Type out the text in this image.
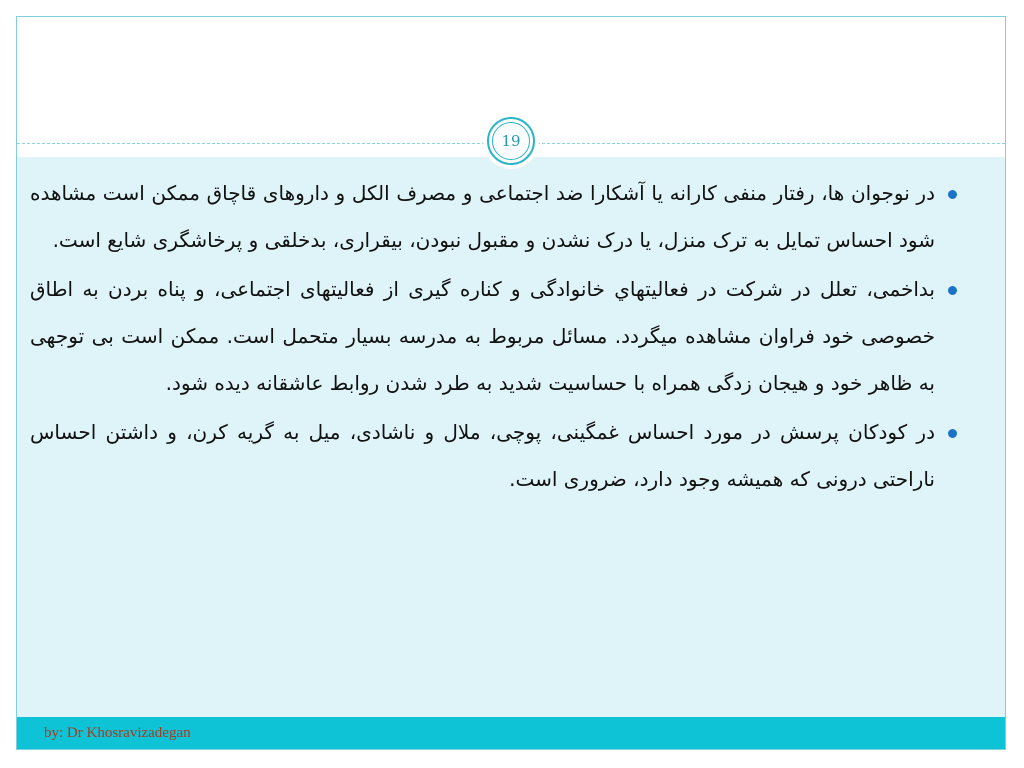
19
by: Dr Khosravizadegan
در نوجوان ها، رفتار منفی کارانه یا آشکارا ضد اجتماعی و مصرف الکل و داروهای قاچاق ممکن است مشاهده شود احساس تمایل به ترک منزل، یا درک نشدن و مقبول نبودن، بیقراری، بدخلقی و پرخاشگری شایع است.
بداخمی، تعلل در شرکت در فعالیتهاي خانوادگی و کناره گیری از فعالیتهای اجتماعی، و پناه بردن به اطاق خصوصی خود فراوان مشاهده میگردد. مسائل مربوط به مدرسه بسیار متحمل است. ممکن است بی توجهی به ظاهر خود و هیجان زدگی همراه با حساسیت شدید به طرد شدن روابط عاشقانه دیده شود.
در کودکان پرسش در مورد احساس غمگینی، پوچی، ملال و ناشادی، میل به گریه کرن، و داشتن احساس ناراحتی درونی که همیشه وجود دارد، ضروری است.
